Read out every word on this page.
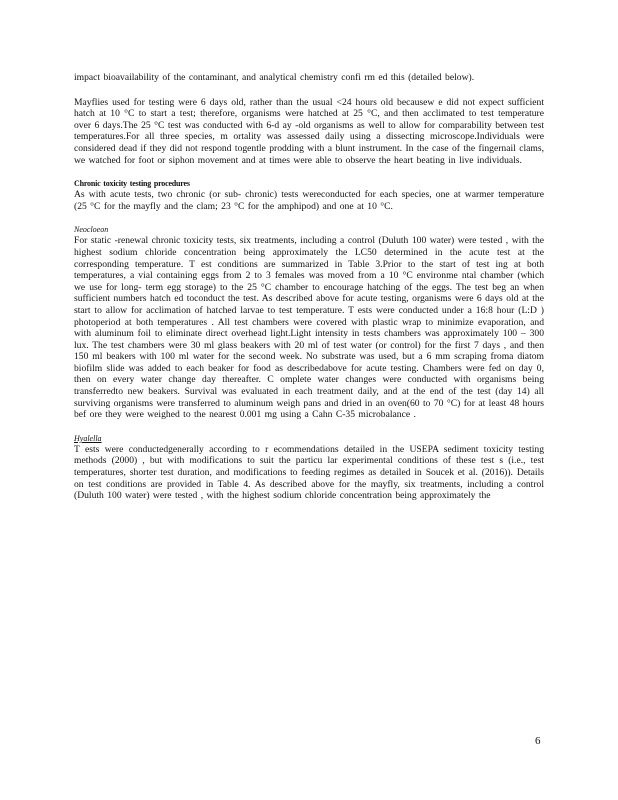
impact bioavailability of the contaminant, and analytical chemistry confi rm ed this (detailed below).

Mayflies used for testing were 6 days old, rather than the usual <24 hours old becausew e did not expect sufficient hatch at 10 °C to start a test; therefore, organisms were hatched at 25 °C, and then acclimated to test temperature over 6 days.The 25 °C test was conducted with 6-d ay -old organisms as well to allow for comparability between test temperatures.For all three species, m ortality was assessed daily using a dissecting microscope.Individuals were considered dead if they did not respond togentle prodding with a blunt instrument. In the case of the fingernail clams, we watched for foot or siphon movement and at times were able to observe the heart beating in live individuals.

Chronic toxicity testing procedures

As with acute tests, two chronic (or sub- chronic) tests wereconducted for each species, one at warmer temperature (25 °C for the mayfly and the clam; 23 °C for the amphipod) and one at 10 °C.

Neocloeon

For static -renewal chronic toxicity tests, six treatments, including a control (Duluth 100 water) were tested , with the highest sodium chloride concentration being approximately the LC50 determined in the acute test at the corresponding temperature. T est conditions are summarized in Table 3.Prior to the start of test ing at both temperatures, a vial containing eggs from 2 to 3 females was moved from a 10 °C environme ntal chamber (which we use for long- term egg storage) to the 25 °C chamber to encourage hatching of the eggs. The test beg an when sufficient numbers hatch ed toconduct the test. As described above for acute testing, organisms were 6 days old at the start to allow for acclimation of hatched larvae to test temperature. T ests were conducted under a 16:8 hour (L:D ) photoperiod at both temperatures . All test chambers were covered with plastic wrap to minimize evaporation, and with aluminum foil to eliminate direct overhead light.Light intensity in tests chambers was approximately 100 – 300 lux. The test chambers were 30 ml glass beakers with 20 ml of test water (or control) for the first 7 days , and then 150 ml beakers with 100 ml water for the second week. No substrate was used, but a 6 mm scraping froma diatom biofilm slide was added to each beaker for food as describedabove for acute testing. Chambers were fed on day 0, then on every water change day thereafter. C omplete water changes were conducted with organisms being transferredto new beakers. Survival was evaluated in each treatment daily, and at the end of the test (day 14) all surviving organisms were transferred to aluminum weigh pans and dried in an oven(60 to 70 °C) for at least 48 hours bef ore they were weighed to the nearest 0.001 mg using a Cahn C-35 microbalance .

Hyalella

T ests were conductedgenerally according to r ecommendations detailed in the USEPA sediment toxicity testing methods (2000) , but with modifications to suit the particu lar experimental conditions of these test s (i.e., test temperatures, shorter test duration, and modifications to feeding regimes as detailed in Soucek et al. (2016)). Details on test conditions are provided in Table 4. As described above for the mayfly, six treatments, including a control (Duluth 100 water) were tested , with the highest sodium chloride concentration being approximately the

6
